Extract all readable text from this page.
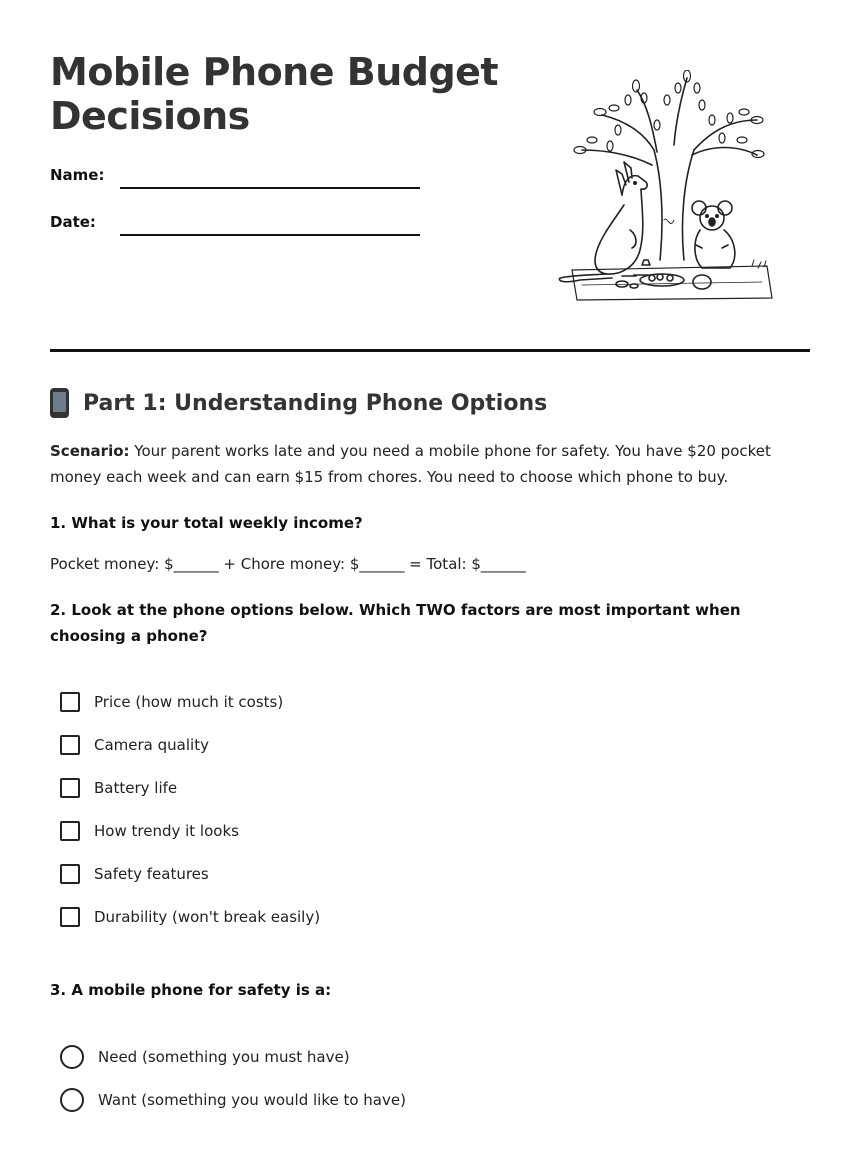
Mobile Phone Budget Decisions
Name:
Date:
Part 1: Understanding Phone Options

Scenario: Your parent works late and you need a mobile phone for safety. You have $20 pocket money each week and can earn $15 from chores. You need to choose which phone to buy.

1. What is your total weekly income?

Pocket money: $______ + Chore money: $______ = Total: $______

2. Look at the phone options below. Which TWO factors are most important when choosing a phone?

Price (how much it costs)
Camera quality
Battery life
How trendy it looks
Safety features
Durability (won't break easily)

3. A mobile phone for safety is a:

Need (something you must have)
Want (something you would like to have)
